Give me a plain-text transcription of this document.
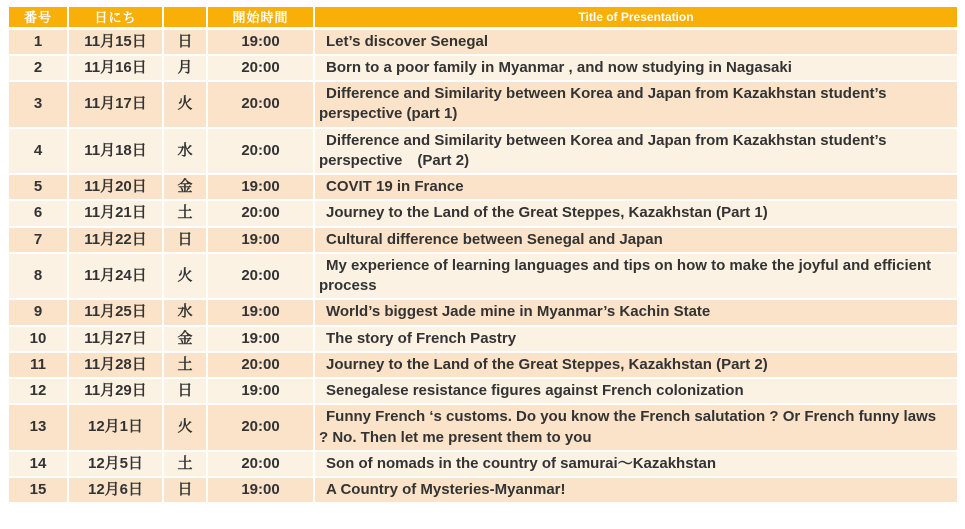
番号	日にち		開始時間	Title of Presentation
1	11月15日	日	19:00	Let’s discover Senegal
2	11月16日	月	20:00	Born to a poor family in Myanmar , and now studying in Nagasaki
3	11月17日	火	20:00	Difference and Similarity between Korea and Japan from Kazakhstan student’s perspective (part 1)
4	11月18日	水	20:00	Difference and Similarity between Korea and Japan from Kazakhstan student’s perspective　(Part 2)
5	11月20日	金	19:00	COVIT 19 in France
6	11月21日	土	20:00	Journey to the Land of the Great Steppes, Kazakhstan (Part 1)
7	11月22日	日	19:00	Cultural difference between Senegal and Japan
8	11月24日	火	20:00	My experience of learning languages and tips on how to make the joyful and efficient process
9	11月25日	水	19:00	World’s biggest Jade mine in Myanmar’s Kachin State
10	11月27日	金	19:00	The story of French Pastry
11	11月28日	土	20:00	Journey to the Land of the Great Steppes, Kazakhstan (Part 2)
12	11月29日	日	19:00	Senegalese resistance figures against French colonization
13	12月1日	火	20:00	Funny French ‘s customs. Do you know the French salutation ? Or French funny laws ? No. Then let me present them to you
14	12月5日	土	20:00	Son of nomads in the country of samurai～Kazakhstan
15	12月6日	日	19:00	A Country of Mysteries-Myanmar!
